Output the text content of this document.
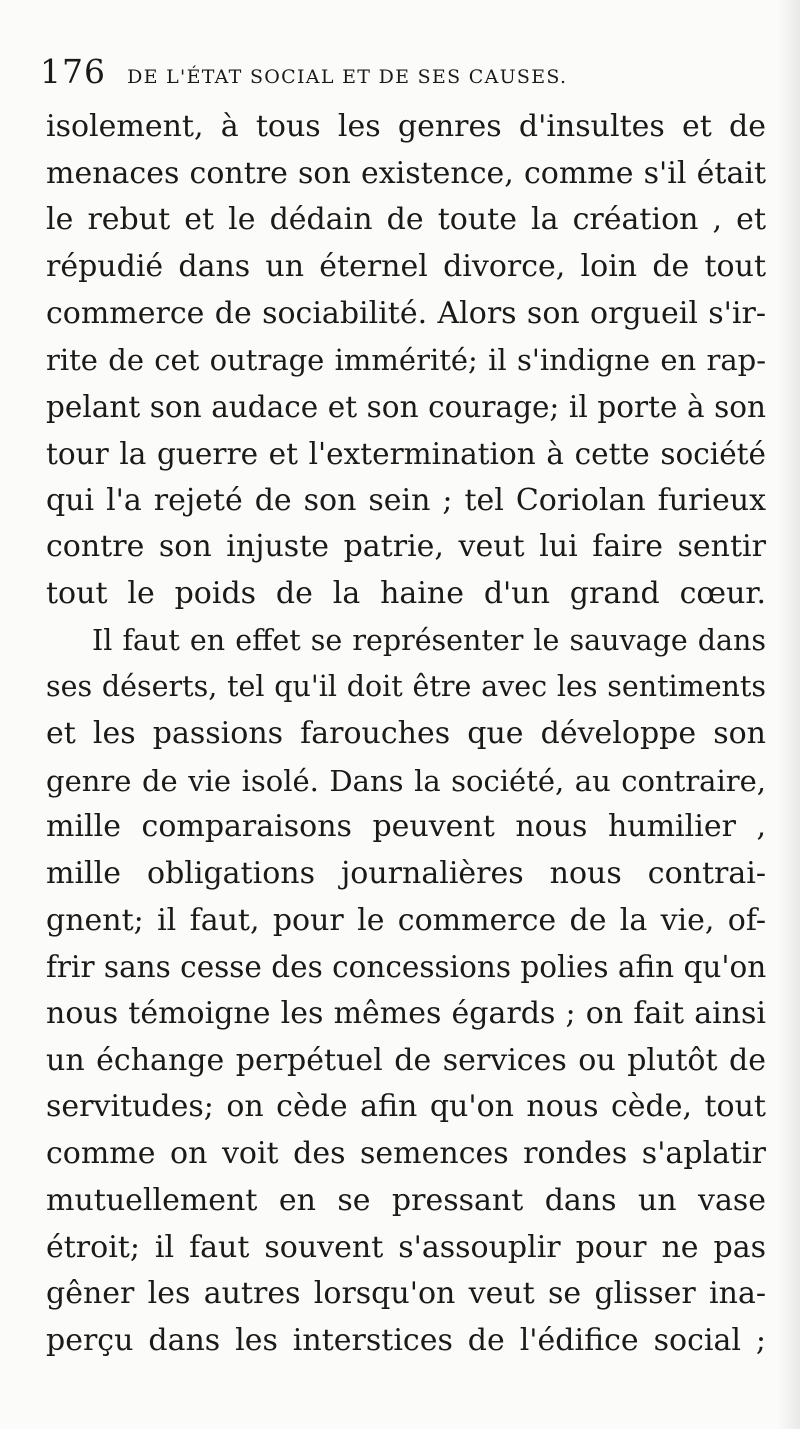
176 DE L'ÉTAT SOCIAL ET DE SES CAUSES.
isolement, à tous les genres d'insultes et de
menaces contre son existence, comme s'il était
le rebut et le dédain de toute la création , et
répudié dans un éternel divorce, loin de tout
commerce de sociabilité. Alors son orgueil s'ir-
rite de cet outrage immérité; il s'indigne en rap-
pelant son audace et son courage; il porte à son
tour la guerre et l'extermination à cette société
qui l'a rejeté de son sein ; tel Coriolan furieux
contre son injuste patrie, veut lui faire sentir
tout le poids de la haine d'un grand cœur.
Il faut en effet se représenter le sauvage dans
ses déserts, tel qu'il doit être avec les sentiments
et les passions farouches que développe son
genre de vie isolé. Dans la société, au contraire,
mille comparaisons peuvent nous humilier ,
mille obligations journalières nous contrai-
gnent; il faut, pour le commerce de la vie, of-
frir sans cesse des concessions polies afin qu'on
nous témoigne les mêmes égards ; on fait ainsi
un échange perpétuel de services ou plutôt de
servitudes; on cède afin qu'on nous cède, tout
comme on voit des semences rondes s'aplatir
mutuellement en se pressant dans un vase
étroit; il faut souvent s'assouplir pour ne pas
gêner les autres lorsqu'on veut se glisser ina-
perçu dans les interstices de l'édifice social ;
